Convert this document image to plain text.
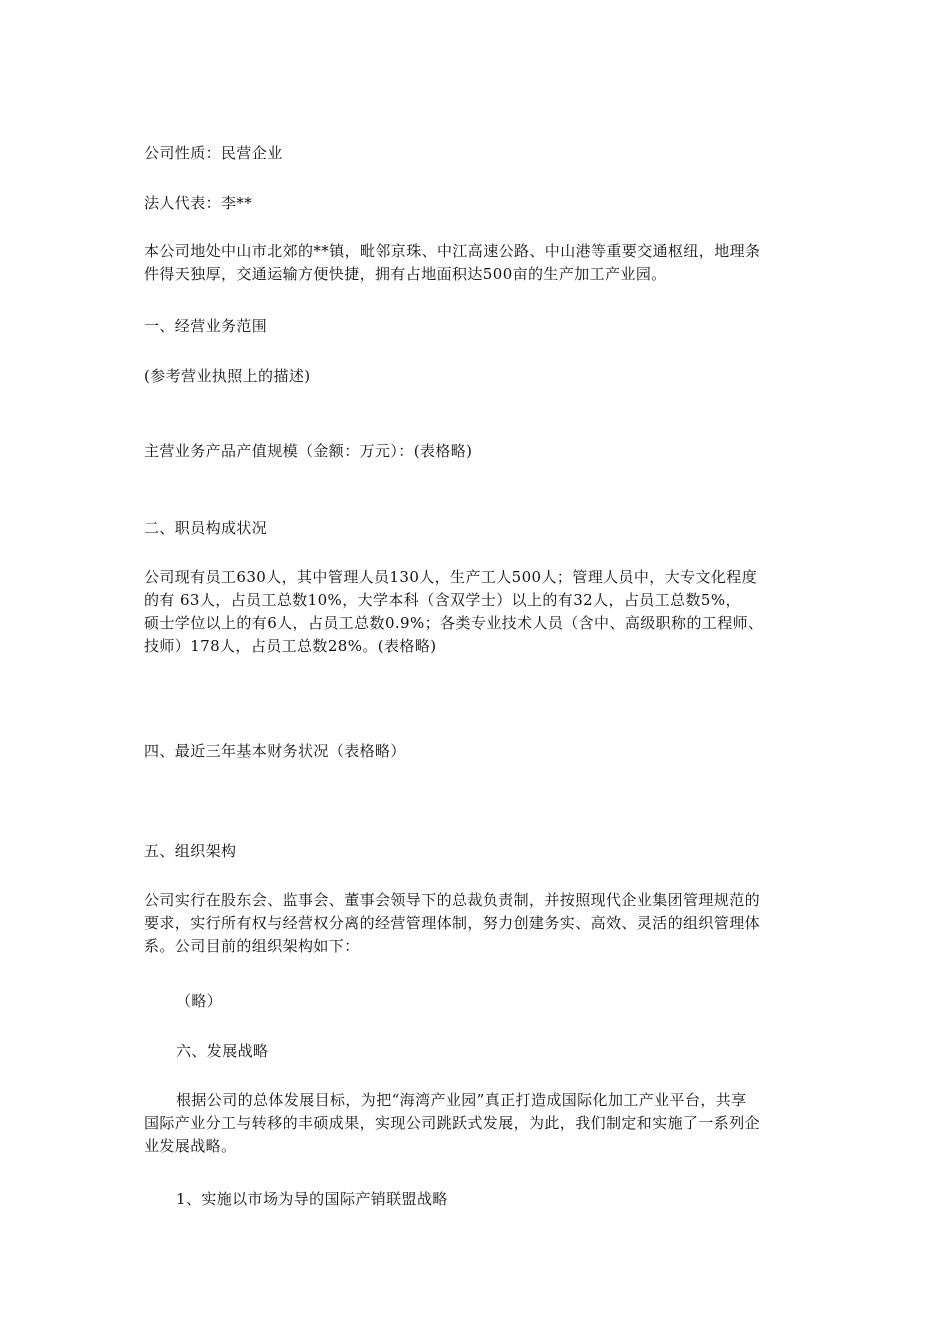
公司性质：民营企业

法人代表：李**

本公司地处中山市北郊的**镇，毗邻京珠、中江高速公路、中山港等重要交通枢纽，地理条
件得天独厚，交通运输方便快捷，拥有占地面积达500亩的生产加工产业园。

一、经营业务范围

(参考营业执照上的描述)

主营业务产品产值规模（金额：万元）：(表格略)

二、职员构成状况

公司现有员工630人，其中管理人员130人，生产工人500人；管理人员中，大专文化程度
的有 63人，占员工总数10%，大学本科（含双学士）以上的有32人，占员工总数5%，
硕士学位以上的有6人，占员工总数0.9%；各类专业技术人员（含中、高级职称的工程师、
技师）178人，占员工总数28%。(表格略)

四、最近三年基本财务状况（表格略）

五、组织架构

公司实行在股东会、监事会、董事会领导下的总裁负责制，并按照现代企业集团管理规范的
要求，实行所有权与经营权分离的经营管理体制，努力创建务实、高效、灵活的组织管理体
系。公司目前的组织架构如下：

（略）

六、发展战略

根据公司的总体发展目标，为把“海湾产业园”真正打造成国际化加工产业平台，共享
国际产业分工与转移的丰硕成果，实现公司跳跃式发展，为此，我们制定和实施了一系列企
业发展战略。

1、实施以市场为导的国际产销联盟战略
